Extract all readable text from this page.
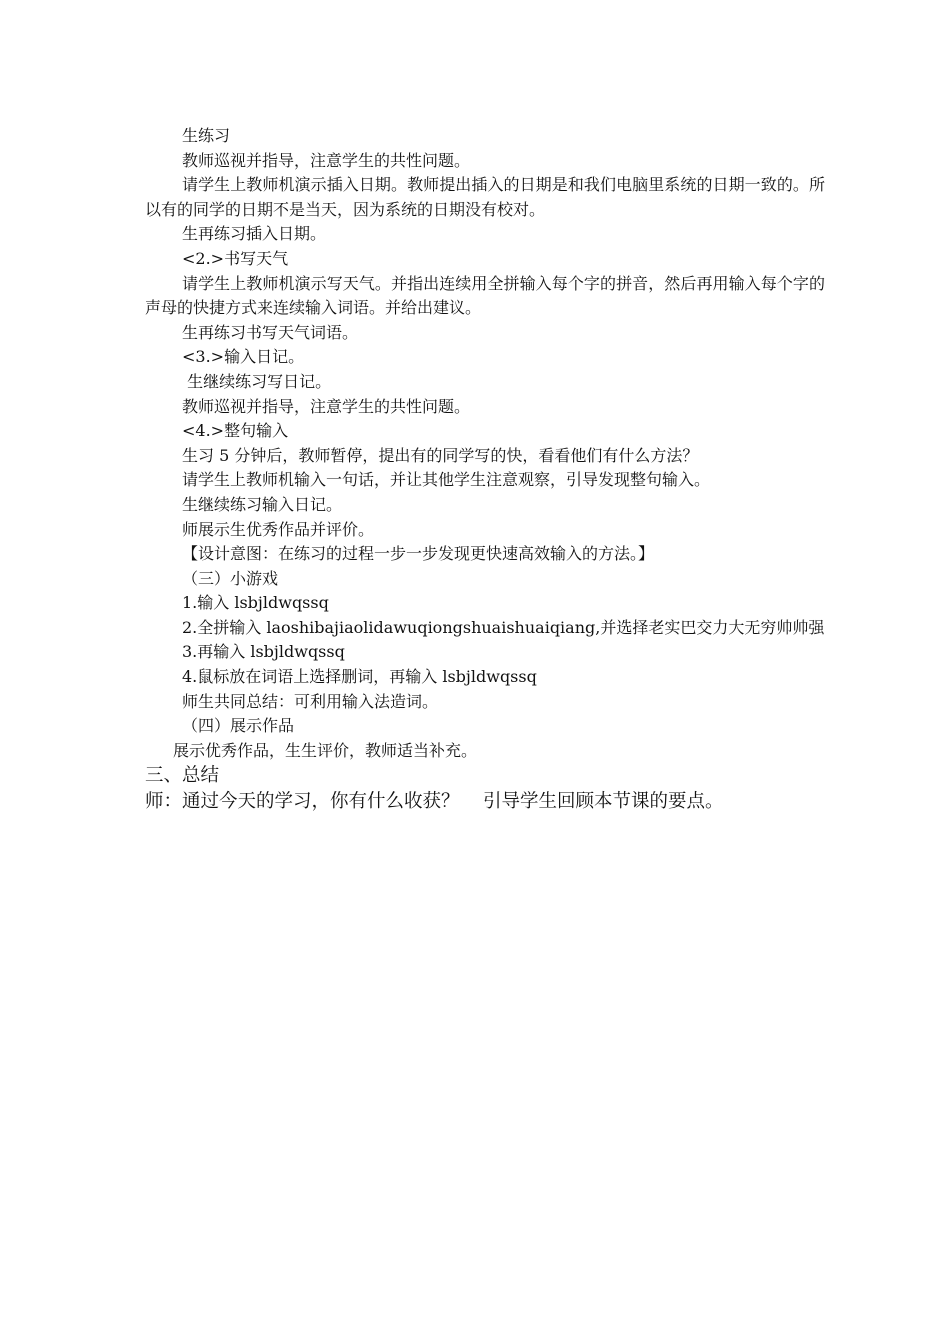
生练习

教师巡视并指导，注意学生的共性问题。

请学生上教师机演示插入日期。教师提出插入的日期是和我们电脑里系统的日期一致的。所以有的同学的日期不是当天，因为系统的日期没有校对。

生再练习插入日期。

<2.>书写天气

请学生上教师机演示写天气。并指出连续用全拼输入每个字的拼音，然后再用输入每个字的声母的快捷方式来连续输入词语。并给出建议。

生再练习书写天气词语。

<3.>输入日记。

生继续练习写日记。

教师巡视并指导，注意学生的共性问题。

<4.>整句输入

生习 5 分钟后，教师暂停，提出有的同学写的快，看看他们有什么方法？

请学生上教师机输入一句话，并让其他学生注意观察，引导发现整句输入。

生继续练习输入日记。

师展示生优秀作品并评价。

【设计意图：在练习的过程一步一步发现更快速高效输入的方法。】

（三）小游戏

1.输入 lsbjldwqssq

2.全拼输入 laoshibajiaolidawuqiongshuaishuaiqiang,并选择老实巴交力大无穷帅帅强

3.再输入 lsbjldwqssq

4.鼠标放在词语上选择删词，再输入 lsbjldwqssq

师生共同总结：可利用输入法造词。

（四）展示作品

展示优秀作品，生生评价，教师适当补充。

三、总结

师：通过今天的学习，你有什么收获？    引导学生回顾本节课的要点。
